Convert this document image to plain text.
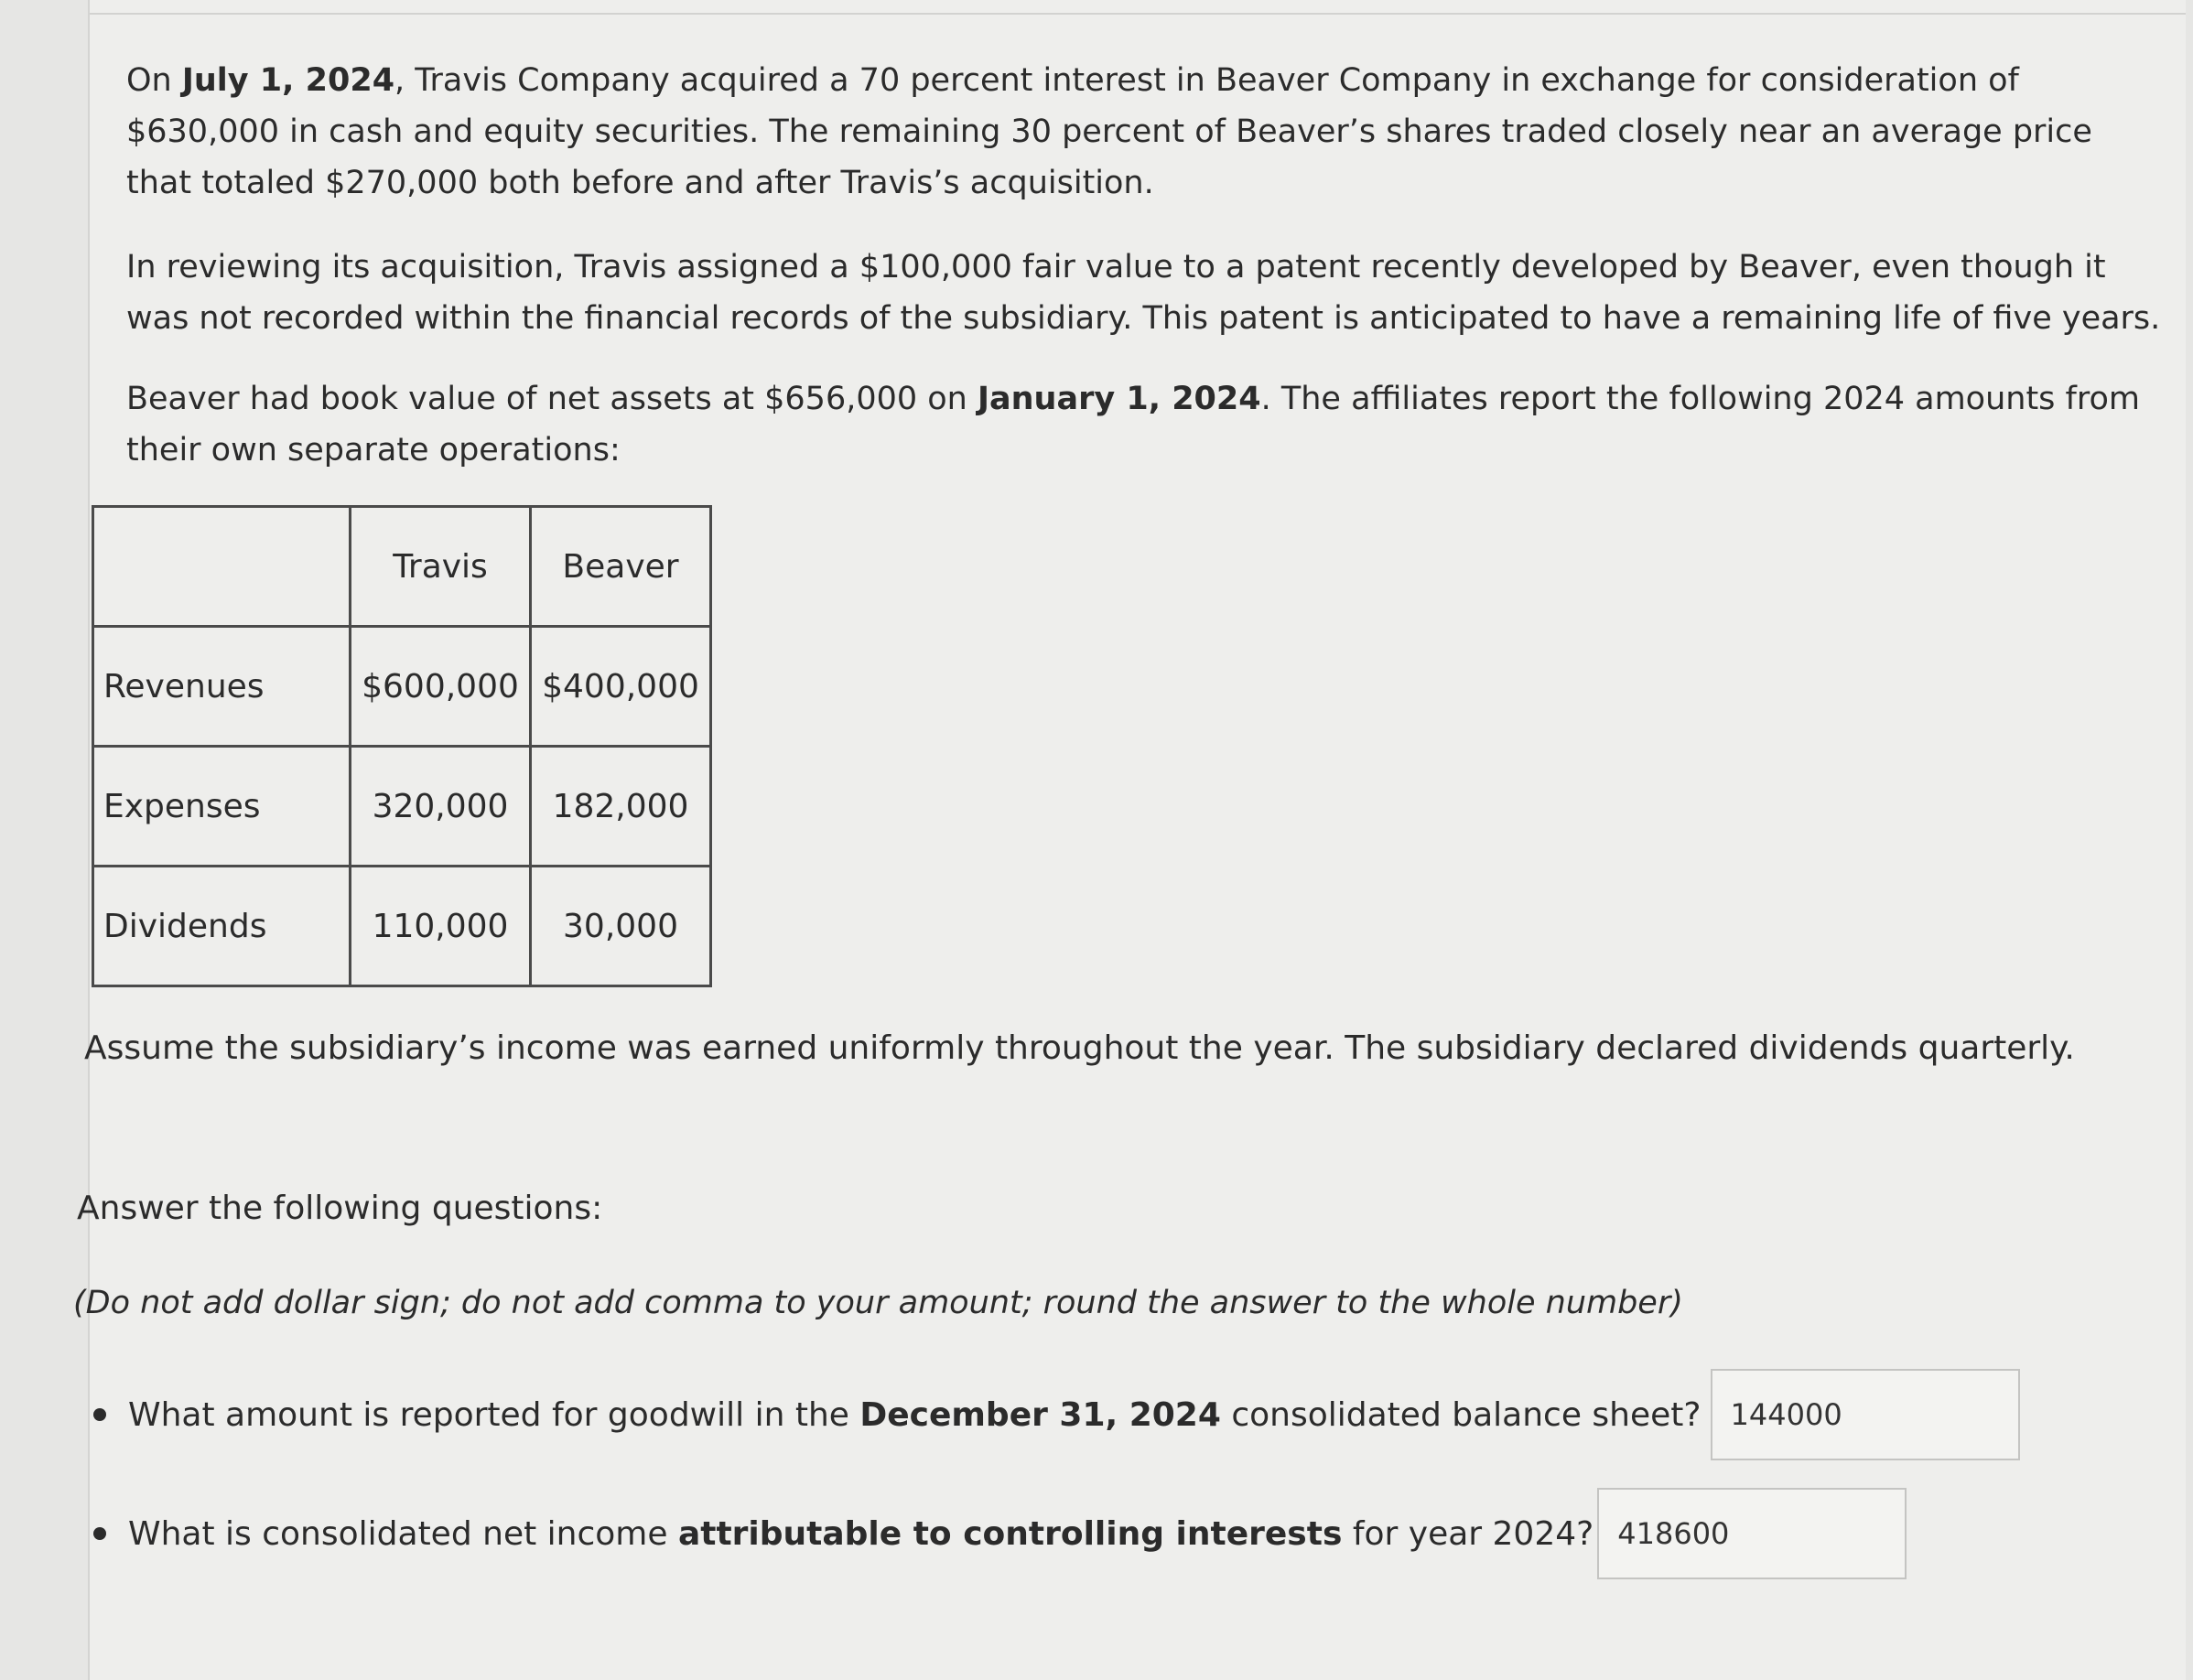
On July 1, 2024, Travis Company acquired a 70 percent interest in Beaver Company in exchange for consideration of $630,000 in cash and equity securities. The remaining 30 percent of Beaver’s shares traded closely near an average price that totaled $270,000 both before and after Travis’s acquisition.

In reviewing its acquisition, Travis assigned a $100,000 fair value to a patent recently developed by Beaver, even though it was not recorded within the financial records of the subsidiary. This patent is anticipated to have a remaining life of five years.

Beaver had book value of net assets at $656,000 on January 1, 2024. The affiliates report the following 2024 amounts from their own separate operations:

	Travis	Beaver
Revenues	$600,000	$400,000
Expenses	320,000	182,000
Dividends	110,000	30,000

Assume the subsidiary’s income was earned uniformly throughout the year. The subsidiary declared dividends quarterly.

Answer the following questions:

(Do not add dollar sign; do not add comma to your amount; round the answer to the whole number)

What amount is reported for goodwill in the December 31, 2024 consolidated balance sheet?	144000
What is consolidated net income attributable to controlling interests for year 2024? 418600
